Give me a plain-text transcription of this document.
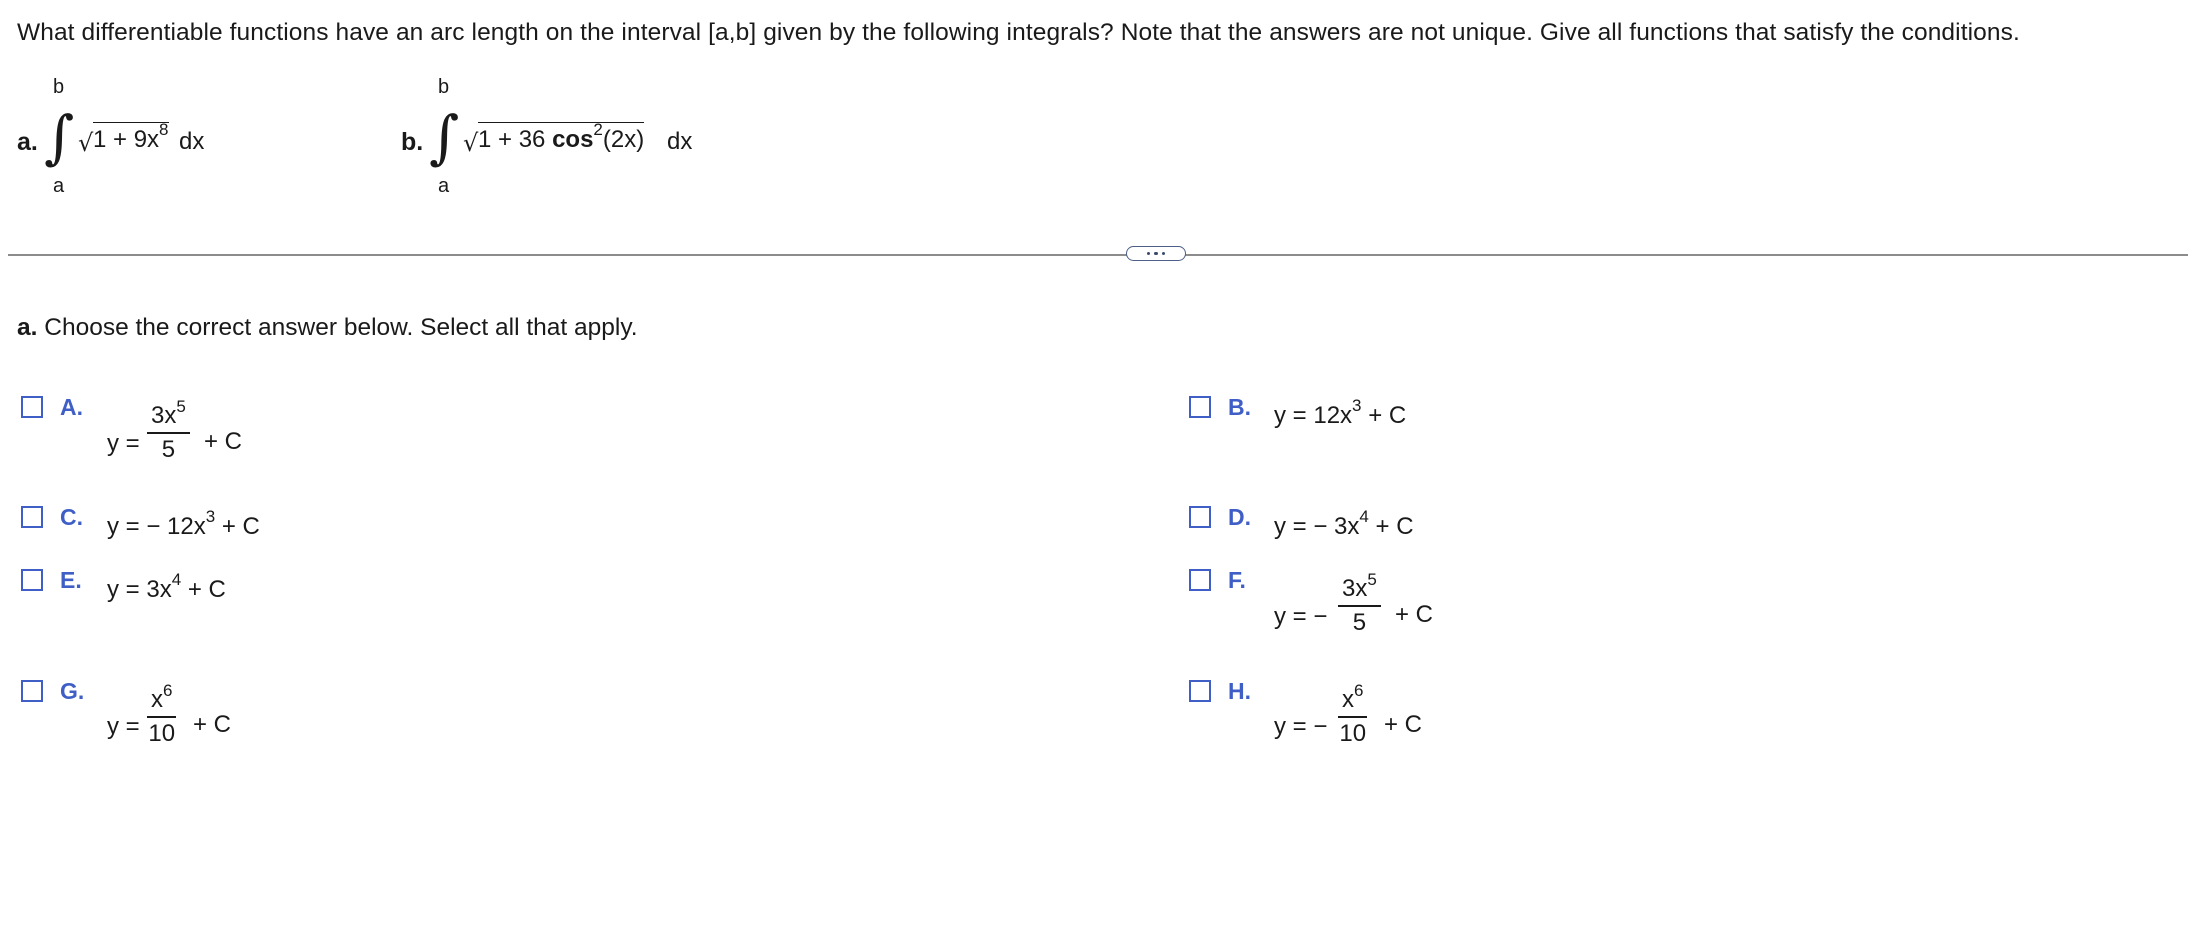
What differentiable functions have an arc length on the interval [a,b] given by the following integrals? Note that the answers are not unique. Give all functions that satisfy the conditions.
a.
b
∫
a
√ $1 + 9x^8$ dx	b.
b
∫
a
√ 1 + 36 $\cos^2(2x)$ dx
a. Choose the correct answer below. Select all that apply.
A.
y =
$3x^5$
5	+ C
B. $y = 12x^3 + C$
C. y = − $12x^3 + C$	D. y = − $3x^4 + C$
E. $y = 3x^4 + C$	F.
y = −
$3x^5$
5	+ C
G.
y =
$x^6$
10 + C
H.
y = −
$x^6$
10 + C
